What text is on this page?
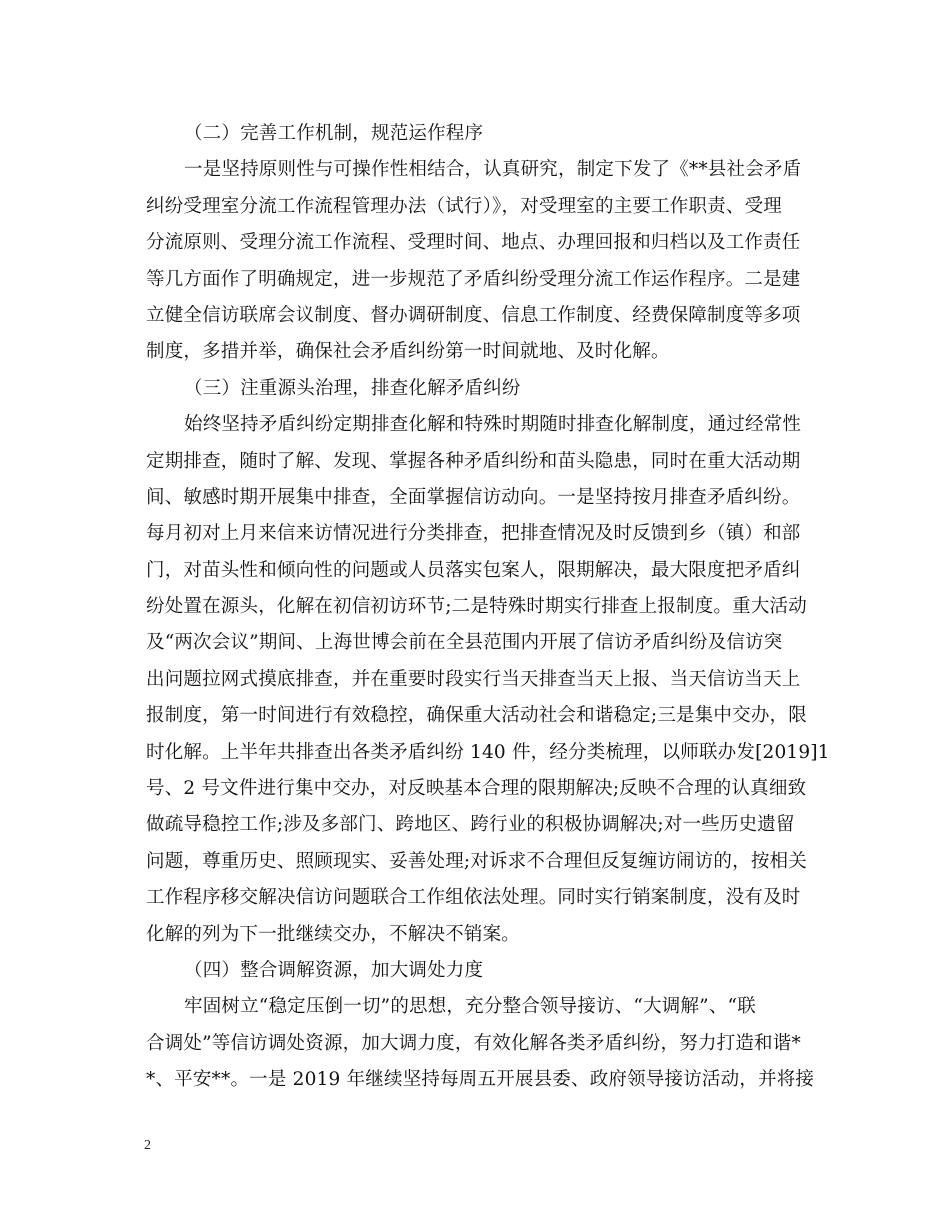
（二）完善工作机制，规范运作程序
一是坚持原则性与可操作性相结合，认真研究，制定下发了《**县社会矛盾
纠纷受理室分流工作流程管理办法（试行）》，对受理室的主要工作职责、受理
分流原则、受理分流工作流程、受理时间、地点、办理回报和归档以及工作责任
等几方面作了明确规定，进一步规范了矛盾纠纷受理分流工作运作程序。二是建
立健全信访联席会议制度、督办调研制度、信息工作制度、经费保障制度等多项
制度，多措并举，确保社会矛盾纠纷第一时间就地、及时化解。
（三）注重源头治理，排查化解矛盾纠纷
始终坚持矛盾纠纷定期排查化解和特殊时期随时排查化解制度，通过经常性
定期排查，随时了解、发现、掌握各种矛盾纠纷和苗头隐患，同时在重大活动期
间、敏感时期开展集中排查，全面掌握信访动向。一是坚持按月排查矛盾纠纷。
每月初对上月来信来访情况进行分类排查，把排查情况及时反馈到乡（镇）和部
门，对苗头性和倾向性的问题或人员落实包案人，限期解决，最大限度把矛盾纠
纷处置在源头，化解在初信初访环节;二是特殊时期实行排查上报制度。重大活动
及“两次会议”期间、上海世博会前在全县范围内开展了信访矛盾纠纷及信访突
出问题拉网式摸底排查，并在重要时段实行当天排查当天上报、当天信访当天上
报制度，第一时间进行有效稳控，确保重大活动社会和谐稳定;三是集中交办，限
时化解。上半年共排查出各类矛盾纠纷 140 件，经分类梳理，以师联办发[2019]1
号、2 号文件进行集中交办，对反映基本合理的限期解决;反映不合理的认真细致
做疏导稳控工作;涉及多部门、跨地区、跨行业的积极协调解决;对一些历史遗留
问题，尊重历史、照顾现实、妥善处理;对诉求不合理但反复缠访闹访的，按相关
工作程序移交解决信访问题联合工作组依法处理。同时实行销案制度，没有及时
化解的列为下一批继续交办，不解决不销案。
（四）整合调解资源，加大调处力度
牢固树立“稳定压倒一切”的思想，充分整合领导接访、“大调解”、“联
合调处”等信访调处资源，加大调力度，有效化解各类矛盾纠纷，努力打造和谐*
*、平安**。一是 2019 年继续坚持每周五开展县委、政府领导接访活动，并将接
2
